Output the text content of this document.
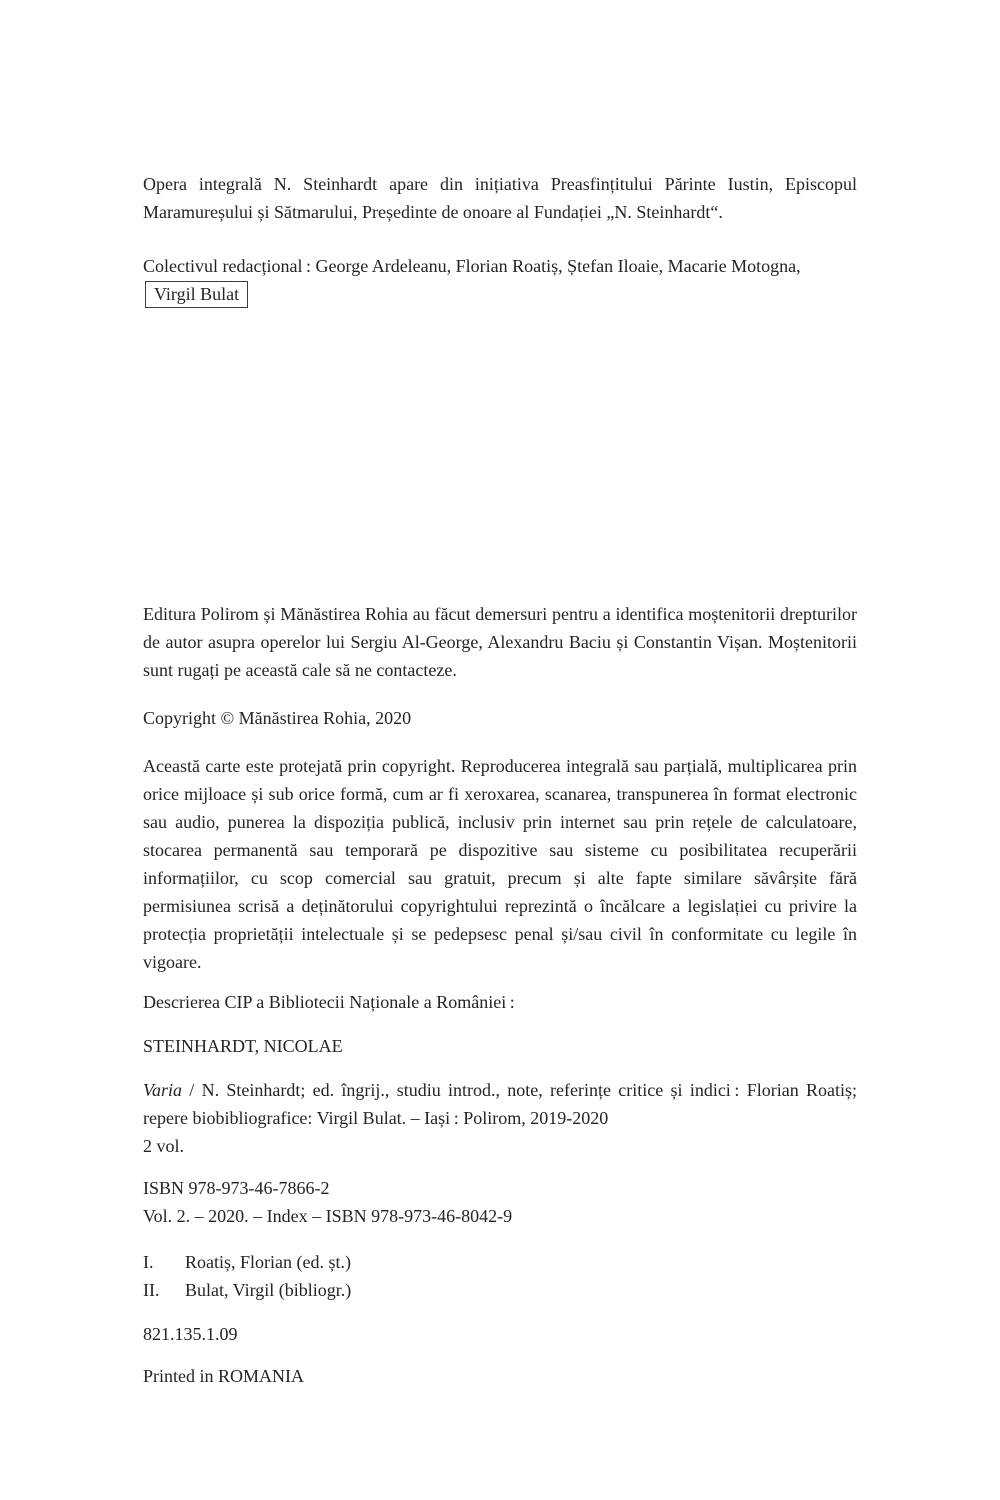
Opera integrală N. Steinhardt apare din inițiativa Preasfințitului Părinte Iustin, Episcopul Maramureșului și Sătmarului, Președinte de onoare al Fundației „N. Steinhardt“.

Colectivul redacțional : George Ardeleanu, Florian Roatiș, Ștefan Iloaie, Macarie Motogna, Virgil Bulat

Editura Polirom și Mănăstirea Rohia au făcut demersuri pentru a identifica moștenitorii drepturilor de autor asupra operelor lui Sergiu Al-George, Alexandru Baciu și Constantin Vișan. Moștenitorii sunt rugați pe această cale să ne contacteze.

Copyright © Mănăstirea Rohia, 2020

Această carte este protejată prin copyright. Reproducerea integrală sau parțială, multiplicarea prin orice mijloace și sub orice formă, cum ar fi xeroxarea, scanarea, transpunerea în format electronic sau audio, punerea la dispoziția publică, inclusiv prin internet sau prin rețele de calculatoare, stocarea permanentă sau temporară pe dispozitive sau sisteme cu posibilitatea recuperării informațiilor, cu scop comercial sau gratuit, precum și alte fapte similare săvârșite fără permisiunea scrisă a deținătorului copyrightului reprezintă o încălcare a legislației cu privire la protecția proprietății intelectuale și se pedepsesc penal și/sau civil în conformitate cu legile în vigoare.

Descrierea CIP a Bibliotecii Naționale a României :

STEINHARDT, NICOLAE

Varia / N. Steinhardt; ed. îngrij., studiu introd., note, referințe critice și indici : Florian Roatiș; repere biobibliografice: Virgil Bulat. – Iași : Polirom, 2019-2020
2 vol.
ISBN 978-973-46-7866-2
Vol. 2. – 2020. – Index – ISBN 978-973-46-8042-9
I.	Roatiș, Florian (ed. șt.)
II.	Bulat, Virgil (bibliogr.)

821.135.1.09

Printed in ROMANIA
